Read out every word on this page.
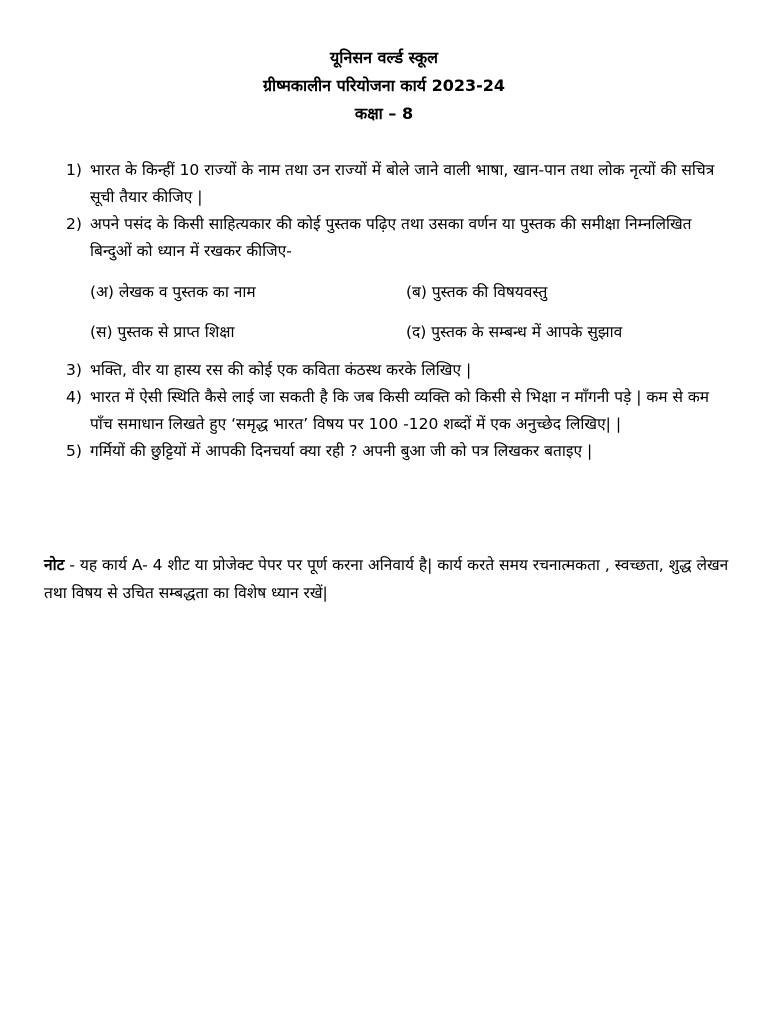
यूनिसन वर्ल्ड स्कूल
ग्रीष्मकालीन परियोजना कार्य 2023-24
कक्षा – 8
1) भारत के किन्हीं 10 राज्यों के नाम तथा उन राज्यों में बोले जाने वाली भाषा, खान-पान तथा लोक नृत्यों की सचित्र सूची तैयार कीजिए |
2) अपने पसंद के किसी साहित्यकार की कोई पुस्तक पढ़िए तथा उसका वर्णन या पुस्तक की समीक्षा निम्नलिखित बिन्दुओं को ध्यान में रखकर कीजिए-
(अ) लेखक व पुस्तक का नाम	(ब) पुस्तक की विषयवस्तु
(स) पुस्तक से प्राप्त शिक्षा	(द) पुस्तक के सम्बन्ध में आपके सुझाव
3) भक्ति, वीर या हास्य रस की कोई एक कविता कंठस्थ करके लिखिए |
4) भारत में ऐसी स्थिति कैसे लाई जा सकती है कि जब किसी व्यक्ति को किसी से भिक्षा न माँगनी पड़े | कम से कम पाँच समाधान लिखते हुए ‘समृद्ध भारत’ विषय पर 100 -120 शब्दों में एक अनुच्छेद लिखिए| |
5) गर्मियों की छुट्टियों में आपकी दिनचर्या क्या रही ? अपनी बुआ जी को पत्र लिखकर बताइए |
नोट - यह कार्य A- 4 शीट या प्रोजेक्ट पेपर पर पूर्ण करना अनिवार्य है| कार्य करते समय रचनात्मकता , स्वच्छता, शुद्ध लेखन तथा विषय से उचित सम्बद्धता का विशेष ध्यान रखें|
